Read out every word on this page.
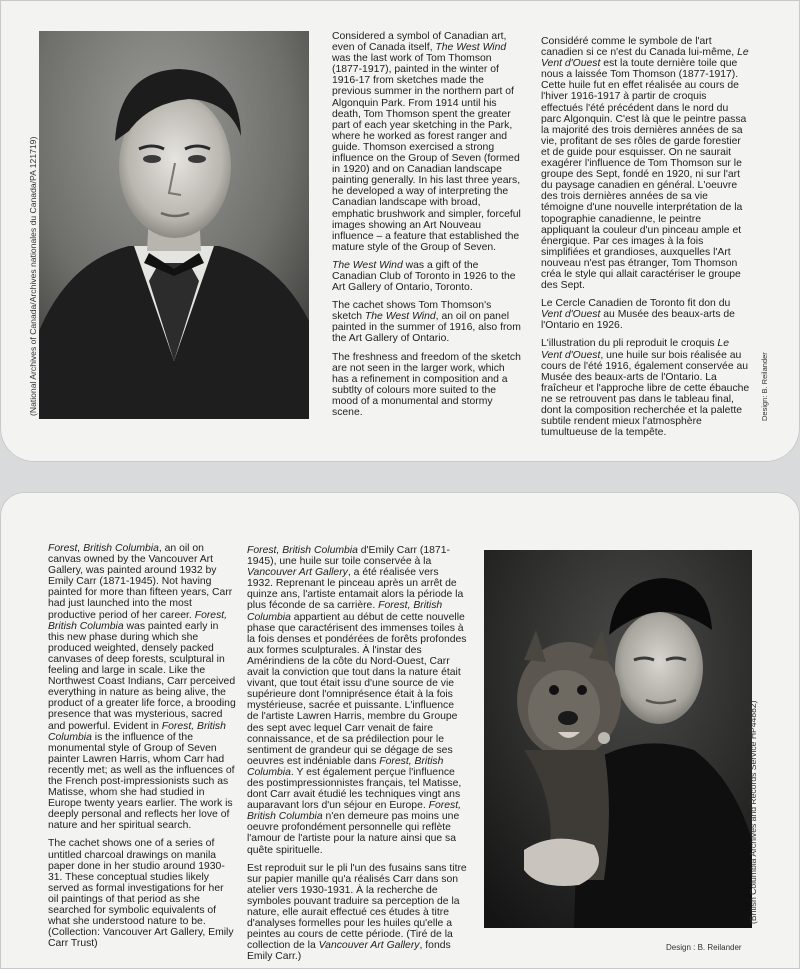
(National Archives of Canada/Archives nationales du Canada/PA 121719)

Considered a symbol of Canadian art, even of Canada itself, The West Wind was the last work of Tom Thomson (1877-1917), painted in the winter of 1916-17 from sketches made the previous summer in the northern part of Algonquin Park. From 1914 until his death, Tom Thomson spent the greater part of each year sketching in the Park, where he worked as forest ranger and guide. Thomson exercised a strong influence on the Group of Seven (formed in 1920) and on Canadian landscape painting generally. In his last three years, he developed a way of interpreting the Canadian landscape with broad, emphatic brushwork and simpler, forceful images showing an Art Nouveau influence – a feature that established the mature style of the Group of Seven.

The West Wind was a gift of the Canadian Club of Toronto in 1926 to the Art Gallery of Ontario, Toronto.

The cachet shows Tom Thomson's sketch The West Wind, an oil on panel painted in the summer of 1916, also from the Art Gallery of Ontario.

The freshness and freedom of the sketch are not seen in the larger work, which has a refinement in composition and a subtlty of colours more suited to the mood of a monumental and stormy scene.

Considéré comme le symbole de l'art canadien si ce n'est du Canada lui-même, Le Vent d'Ouest est la toute dernière toile que nous a laissée Tom Thomson (1877-1917). Cette huile fut en effet réalisée au cours de l'hiver 1916-1917 à partir de croquis effectués l'été précédent dans le nord du parc Algonquin. C'est là que le peintre passa la majorité des trois dernières années de sa vie, profitant de ses rôles de garde forestier et de guide pour esquisser. On ne saurait exagérer l'influence de Tom Thomson sur le groupe des Sept, fondé en 1920, ni sur l'art du paysage canadien en général. L'oeuvre des trois dernières années de sa vie témoigne d'une nouvelle interprétation de la topographie canadienne, le peintre appliquant la couleur d'un pinceau ample et énergique. Par ces images à la fois simplifiées et grandioses, auxquelles l'Art nouveau n'est pas étranger, Tom Thomson créa le style qui allait caractériser le groupe des Sept.

Le Cercle Canadien de Toronto fit don du Vent d'Ouest au Musée des beaux-arts de l'Ontario en 1926.

L'illustration du pli reproduit le croquis Le Vent d'Ouest, une huile sur bois réalisée au cours de l'été 1916, également conservée au Musée des beaux-arts de l'Ontario. La fraîcheur et l'approche libre de cette ébauche ne se retrouvent pas dans le tableau final, dont la composition recherchée et la palette subtile rendent mieux l'atmosphère tumultueuse de la tempête.

Design: B. Reilander

Forest, British Columbia, an oil on canvas owned by the Vancouver Art Gallery, was painted around 1932 by Emily Carr (1871-1945). Not having painted for more than fifteen years, Carr had just launched into the most productive period of her career. Forest, British Columbia was painted early in this new phase during which she produced weighted, densely packed canvases of deep forests, sculptural in feeling and large in scale. Like the Northwest Coast Indians, Carr perceived everything in nature as being alive, the product of a greater life force, a brooding presence that was mysterious, sacred and powerful. Evident in Forest, British Columbia is the influence of the monumental style of Group of Seven painter Lawren Harris, whom Carr had recently met; as well as the influences of the French post-impressionists such as Matisse, whom she had studied in Europe twenty years earlier. The work is deeply personal and reflects her love of nature and her spiritual search.

The cachet shows one of a series of untitled charcoal drawings on manila paper done in her studio around 1930-31. These conceptual studies likely served as formal investigations for her oil paintings of that period as she searched for symbolic equivalents of what she understood nature to be. (Collection: Vancouver Art Gallery, Emily Carr Trust)

Forest, British Columbia d'Emily Carr (1871-1945), une huile sur toile conservée à la Vancouver Art Gallery, a été réalisée vers 1932. Reprenant le pinceau après un arrêt de quinze ans, l'artiste entamait alors la période la plus féconde de sa carrière. Forest, British Columbia appartient au début de cette nouvelle phase que caractérisent des immenses toiles à la fois denses et pondérées de forêts profondes aux formes sculpturales. À l'instar des Amérindiens de la côte du Nord-Ouest, Carr avait la conviction que tout dans la nature était vivant, que tout était issu d'une source de vie supérieure dont l'omniprésence était à la fois mystérieuse, sacrée et puissante. L'influence de l'artiste Lawren Harris, membre du Groupe des sept avec lequel Carr venait de faire connaissance, et de sa prédilection pour le sentiment de grandeur qui se dégage de ses oeuvres est indéniable dans Forest, British Columbia. Y est également perçue l'influence des postimpressionnistes français, tel Matisse, dont Carr avait étudié les techniques vingt ans auparavant lors d'un séjour en Europe. Forest, British Columbia n'en demeure pas moins une oeuvre profondément personnelle qui reflète l'amour de l'artiste pour la nature ainsi que sa quête spirituelle.

Est reproduit sur le pli l'un des fusains sans titre sur papier manille qu'a réalisés Carr dans son atelier vers 1930-1931. À la recherche de symboles pouvant traduire sa perception de la nature, elle aurait effectué ces études à titre d'analyses formelles pour les huiles qu'elle a peintes au cours de cette période. (Tiré de la collection de la Vancouver Art Gallery, fonds Emily Carr.)

(British Columbia Archives and Records Service HP44882)
Design : B. Reilander
